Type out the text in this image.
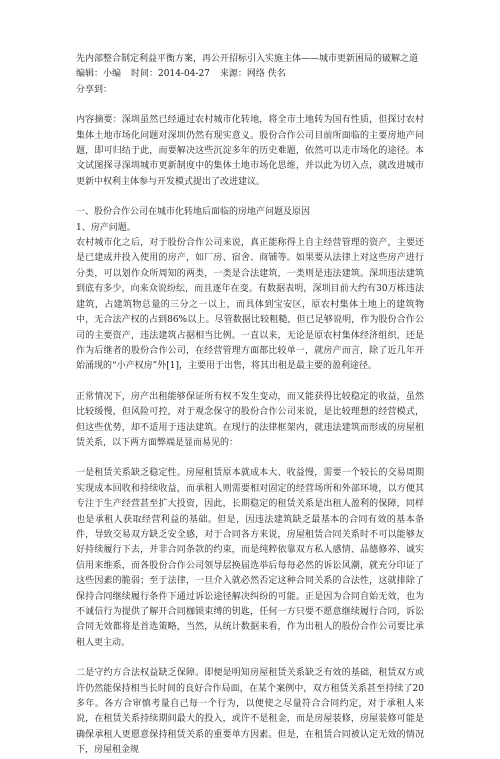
先内部整合制定利益平衡方案，再公开招标引入实施主体——城市更新困局的破解之道

编辑：小编 时间：2014-04-27 来源：网络 佚名

分享到：

内容摘要：深圳虽然已经通过农村城市化转地，将全市土地转为国有性质，但探讨农村集体土地市场化问题对深圳仍然有现实意义。股份合作公司目前所面临的主要房地产问题，即可归结于此，而要解决这些沉淀多年的历史难题，依然可以走市场化的途径。本文试图探寻深圳城市更新制度中的集体土地市场化思维，并以此为切入点，就改进城市更新中权利主体参与开发模式提出了改进建议。

一、股份合作公司在城市化转地后面临的房地产问题及原因

1、房产问题。

农村城市化之后，对于股份合作公司来说，真正能称得上自主经营管理的资产，主要还是已建成并投入使用的房产，如厂房、宿舍、商铺等。如果要从法律上对这些房产进行分类，可以划作众所周知的两类，一类是合法建筑，一类则是违法建筑。深圳违法建筑到底有多少，向来众说纷纭，而且逐年在变。有数据表明，深圳目前大约有30万栋违法建筑，占建筑物总量的三分之一以上，而具体到宝安区，原农村集体土地上的建筑物中，无合法产权的占到86%以上。尽管数据比较粗糙，但已足够说明，作为股份合作公司的主要资产，违法建筑占据相当比例。一直以来，无论是原农村集体经济组织，还是作为后继者的股份合作公司，在经营管理方面都比较单一，就房产而言，除了近几年开始涌现的“小产权房”外[1]，主要用于出售，将其出租是最主要的盈利途径。

正常情况下，房产出租能够保证所有权不发生变动，而又能获得比较稳定的收益，虽然比较缓慢，但风险可控，对于观念保守的股份合作公司来说，是比较理想的经营模式，但这些优势，却不适用于违法建筑。在现行的法律框架内，就违法建筑而形成的房屋租赁关系，以下两方面弊端是显而易见的：

一是租赁关系缺乏稳定性。房屋租赁原本就成本大、收益慢，需要一个较长的交易周期实现成本回收和持续收益，而承租人则需要相对固定的经营场所和外部环境，以方便其专注于生产经营甚至扩大投资，因此，长期稳定的租赁关系是出租人盈利的保障，同样也是承租人获取经营利益的基础。但是，因违法建筑缺乏最基本的合同有效的基本条件，导致交易双方缺乏安全感，对于合同各方来说，房屋租赁合同关系时不可以能够友好持续履行下去，并非合同条款的约束，而是纯粹依靠双方私人感情、品德修养、诚实信用来维系，而各股份合作公司领导层换届选举后每每必然的诉讼风潮，就充分印证了这些因素的脆弱；至于法律，一旦介入就必然否定这种合同关系的合法性，这就排除了保持合同继续履行条件下通过诉讼途径解决纠纷的可能。正是因为合同自始无效，也为不诚信行为提供了解开合同枷锁束缚的钥匙，任何一方只要不愿意继续履行合同，诉讼合同无效都将是首选策略，当然，从统计数据来看，作为出租人的股份合作公司要比承租人更主动。

二是守约方合法权益缺乏保障。即便是明知房屋租赁关系缺乏有效的基础，租赁双方或许仍然能保持相当长时间的良好合作局面，在某个案例中，双方租赁关系甚至持续了20多年。各方合审慎考量自己每一个行为，以便使之尽量符合合同约定，对于承租人来说，在租赁关系持续期间最大的投入，或许不是租金，而是房屋装修，房屋装修可能是确保承租人更愿意保持租赁关系的重要单方因素。但是，在租赁合同被认定无效的情况下，房屋租金规
